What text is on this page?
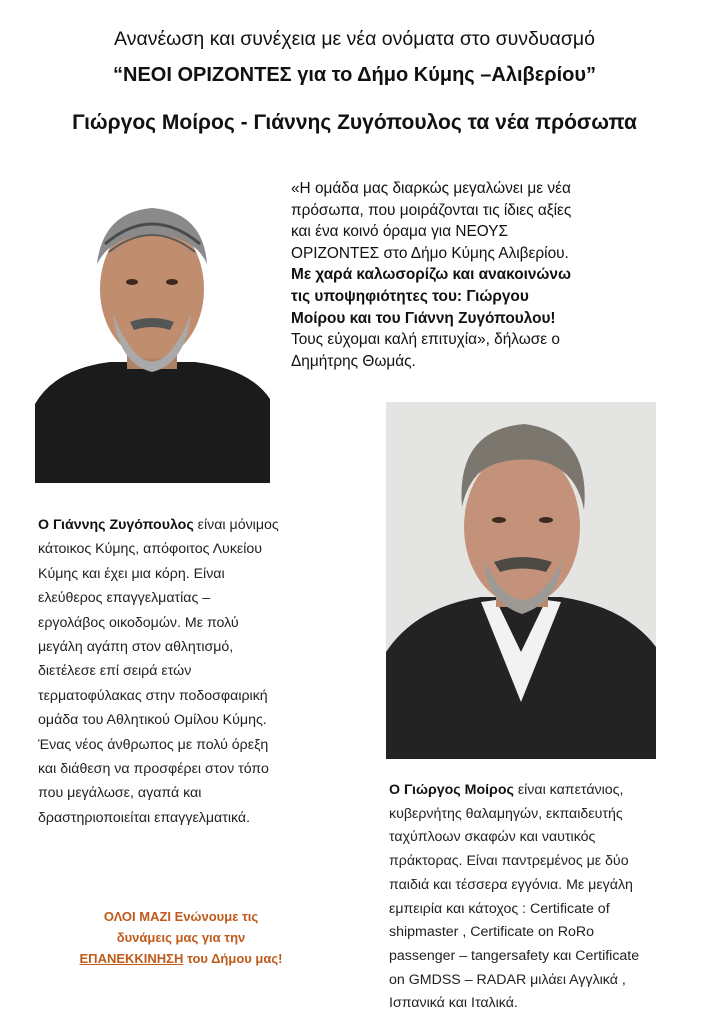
Ανανέωση και συνέχεια με νέα ονόματα στο συνδυασμό
“ΝΕΟΙ ΟΡΙΖΟΝΤΕΣ για το Δήμο Κύμης –Αλιβερίου”
Γιώργος Μοίρος - Γιάννης Ζυγόπουλος τα νέα πρόσωπα
«Η ομάδα μας διαρκώς μεγαλώνει με νέα
πρόσωπα, που μοιράζονται τις ίδιες αξίες
και ένα κοινό όραμα για ΝΕΟΥΣ
ΟΡΙΖΟΝΤΕΣ στο Δήμο Κύμης Αλιβερίου.
Με χαρά καλωσορίζω και ανακοινώνω
τις υποψηφιότητες του: Γιώργου
Μοίρου και του Γιάννη Ζυγόπουλου!
Τους εύχομαι καλή επιτυχία», δήλωσε ο
Δημήτρης Θωμάς.
Ο Γιάννης Ζυγόπουλος είναι μόνιμος
κάτοικος Κύμης, απόφοιτος Λυκείου
Κύμης και έχει μια κόρη. Είναι
ελεύθερος επαγγελματίας –
εργολάβος οικοδομών. Με πολύ
μεγάλη αγάπη στον αθλητισμό,
διετέλεσε επί σειρά ετών
τερματοφύλακας στην ποδοσφαιρική
ομάδα του Αθλητικού Ομίλου Κύμης.
Ένας νέος άνθρωπος με πολύ όρεξη
και διάθεση να προσφέρει στον τόπο
που μεγάλωσε, αγαπά και
δραστηριοποιείται επαγγελματικά.
Ο Γιώργος Μοίρος είναι καπετάνιος,
κυβερνήτης θαλαμηγών, εκπαιδευτής
ταχύπλοων σκαφών και ναυτικός
πράκτορας. Είναι παντρεμένος με δύο
παιδιά και τέσσερα εγγόνια. Με μεγάλη
εμπειρία και κάτοχος : Certificate of
shipmaster , Certificate on RoRo
passenger – tangersafety και Certificate
on GMDSS – RADAR μιλάει Αγγλικά ,
Ισπανικά και Ιταλικά.
ΟΛΟΙ ΜΑΖΙ Ενώνουμε τις
δυνάμεις μας για την
ΕΠΑΝΕΚΚΙΝΗΣΗ του Δήμου μας!
